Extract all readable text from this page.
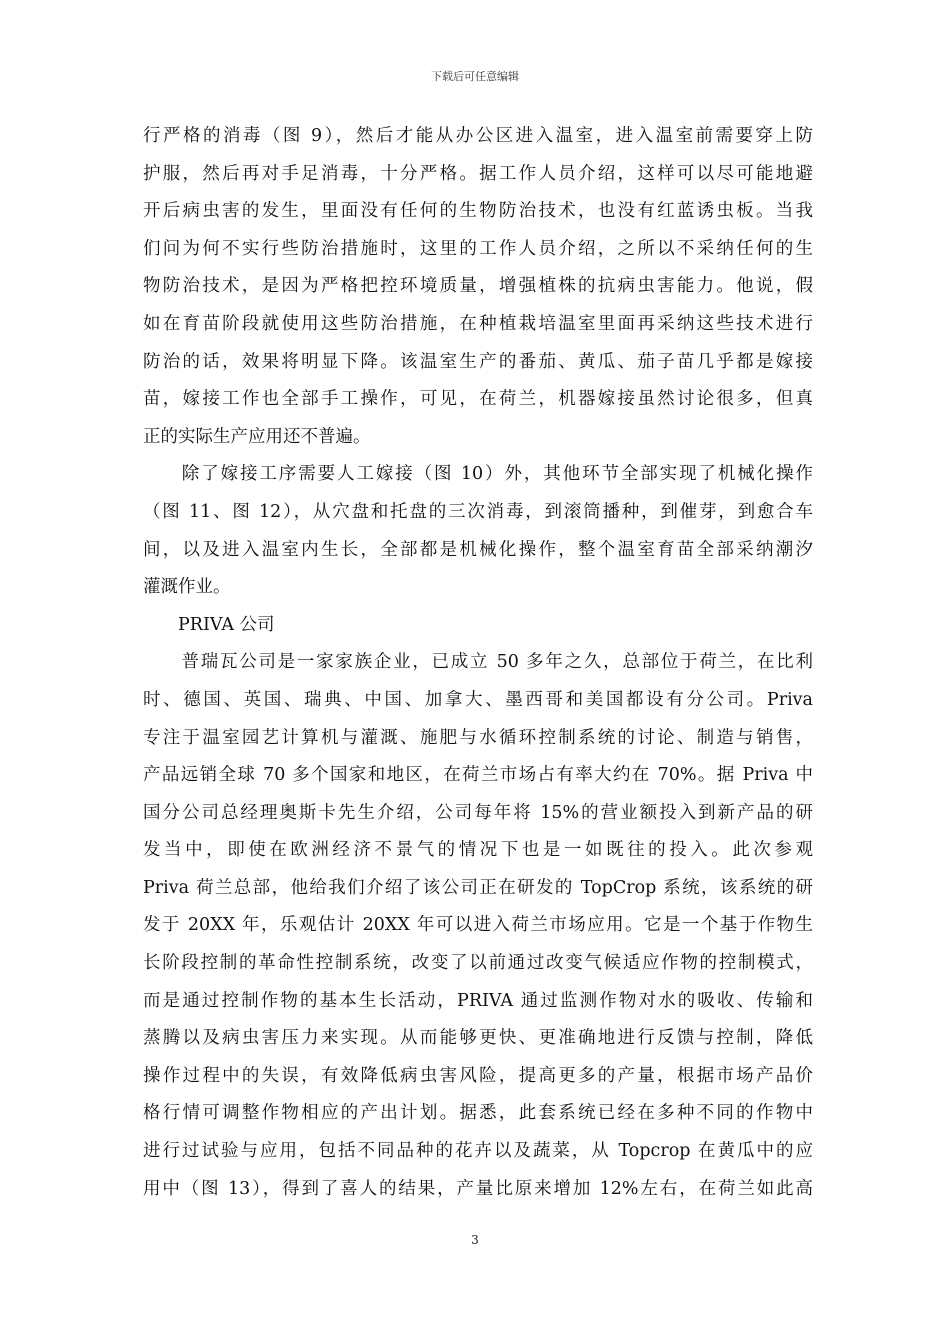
下载后可任意编辑
行严格的消毒（图 9），然后才能从办公区进入温室，进入温室前需要穿上防
护服，然后再对手足消毒，十分严格。据工作人员介绍，这样可以尽可能地避
开后病虫害的发生，里面没有任何的生物防治技术，也没有红蓝诱虫板。当我
们问为何不实行些防治措施时，这里的工作人员介绍，之所以不采纳任何的生
物防治技术，是因为严格把控环境质量，增强植株的抗病虫害能力。他说，假
如在育苗阶段就使用这些防治措施，在种植栽培温室里面再采纳这些技术进行
防治的话，效果将明显下降。该温室生产的番茄、黄瓜、茄子苗几乎都是嫁接
苗，嫁接工作也全部手工操作，可见，在荷兰，机器嫁接虽然讨论很多，但真
正的实际生产应用还不普遍。
　　除了嫁接工序需要人工嫁接（图 10）外，其他环节全部实现了机械化操作
（图 11、图 12），从穴盘和托盘的三次消毒，到滚筒播种，到催芽，到愈合车
间，以及进入温室内生长，全部都是机械化操作，整个温室育苗全部采纳潮汐
灌溉作业。
　　PRIVA 公司
　　普瑞瓦公司是一家家族企业，已成立 50 多年之久，总部位于荷兰，在比利
时、德国、英国、瑞典、中国、加拿大、墨西哥和美国都设有分公司。Priva
专注于温室园艺计算机与灌溉、施肥与水循环控制系统的讨论、制造与销售，
产品远销全球 70 多个国家和地区，在荷兰市场占有率大约在 70%。据 Priva 中
国分公司总经理奥斯卡先生介绍，公司每年将 15%的营业额投入到新产品的研
发当中，即使在欧洲经济不景气的情况下也是一如既往的投入。此次参观
Priva 荷兰总部，他给我们介绍了该公司正在研发的 TopCrop 系统，该系统的研
发于 20XX 年，乐观估计 20XX 年可以进入荷兰市场应用。它是一个基于作物生
长阶段控制的革命性控制系统，改变了以前通过改变气候适应作物的控制模式，
而是通过控制作物的基本生长活动，PRIVA 通过监测作物对水的吸收、传输和
蒸腾以及病虫害压力来实现。从而能够更快、更准确地进行反馈与控制，降低
操作过程中的失误，有效降低病虫害风险，提高更多的产量，根据市场产品价
格行情可调整作物相应的产出计划。据悉，此套系统已经在多种不同的作物中
进行过试验与应用，包括不同品种的花卉以及蔬菜，从 Topcrop 在黄瓜中的应
用中（图 13），得到了喜人的结果，产量比原来增加 12%左右，在荷兰如此高
3
